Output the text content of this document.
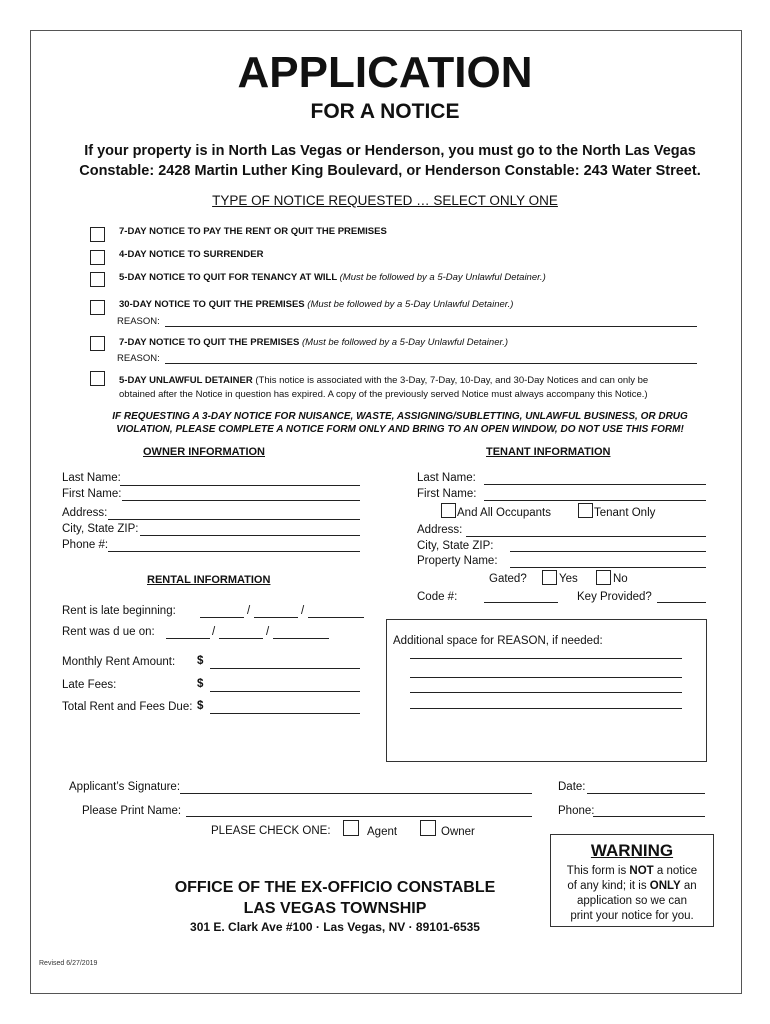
APPLICATION
FOR A NOTICE
If your property is in North Las Vegas or Henderson, you must go to the North Las Vegas
Constable: 2428 Martin Luther King Boulevard, or Henderson Constable: 243 Water Street.
TYPE OF NOTICE REQUESTED … SELECT ONLY ONE
7-DAY NOTICE TO PAY THE RENT OR QUIT THE PREMISES
4-DAY NOTICE TO SURRENDER
5-DAY NOTICE TO QUIT FOR TENANCY AT WILL (Must be followed by a 5-Day Unlawful Detainer.)
30-DAY NOTICE TO QUIT THE PREMISES (Must be followed by a 5-Day Unlawful Detainer.)
REASON:
7-DAY NOTICE TO QUIT THE PREMISES (Must be followed by a 5-Day Unlawful Detainer.)
REASON:
5-DAY UNLAWFUL DETAINER (This notice is associated with the 3-Day, 7-Day, 10-Day, and 30-Day Notices and can only be
obtained after the Notice in question has expired. A copy of the previously served Notice must always accompany this Notice.)
IF REQUESTING A 3-DAY NOTICE FOR NUISANCE, WASTE, ASSIGNING/SUBLETTING, UNLAWFUL BUSINESS, OR DRUG
VIOLATION, PLEASE COMPLETE A NOTICE FORM ONLY AND BRING TO AN OPEN WINDOW, DO NOT USE THIS FORM!
OWNER INFORMATION
Last Name:
First Name:
Address:
City, State ZIP:
Phone #:
TENANT INFORMATION
Last Name:
First Name:
And All Occupants	Tenant Only
Address:
City, State ZIP:
Property Name:
Gated?	Yes	No
Code #:	Key Provided?
RENTAL INFORMATION
Rent is late beginning:	/	/
Rent was d ue on:	/	/
Monthly Rent Amount: $
Late Fees:	$
Total Rent and Fees Due: $
Additional space for REASON, if needed:
Applicant’s Signature:	Date:
Please Print Name:	Phone:
PLEASE CHECK ONE:	Agent	Owner
WARNING
This form is NOT a notice
of any kind; it is ONLY an
application so we can
print your notice for you.
OFFICE OF THE EX-OFFICIO CONSTABLE
LAS VEGAS TOWNSHIP
301 E. Clark Ave #100 · Las Vegas, NV · 89101-6535
Revised 6/27/2019
